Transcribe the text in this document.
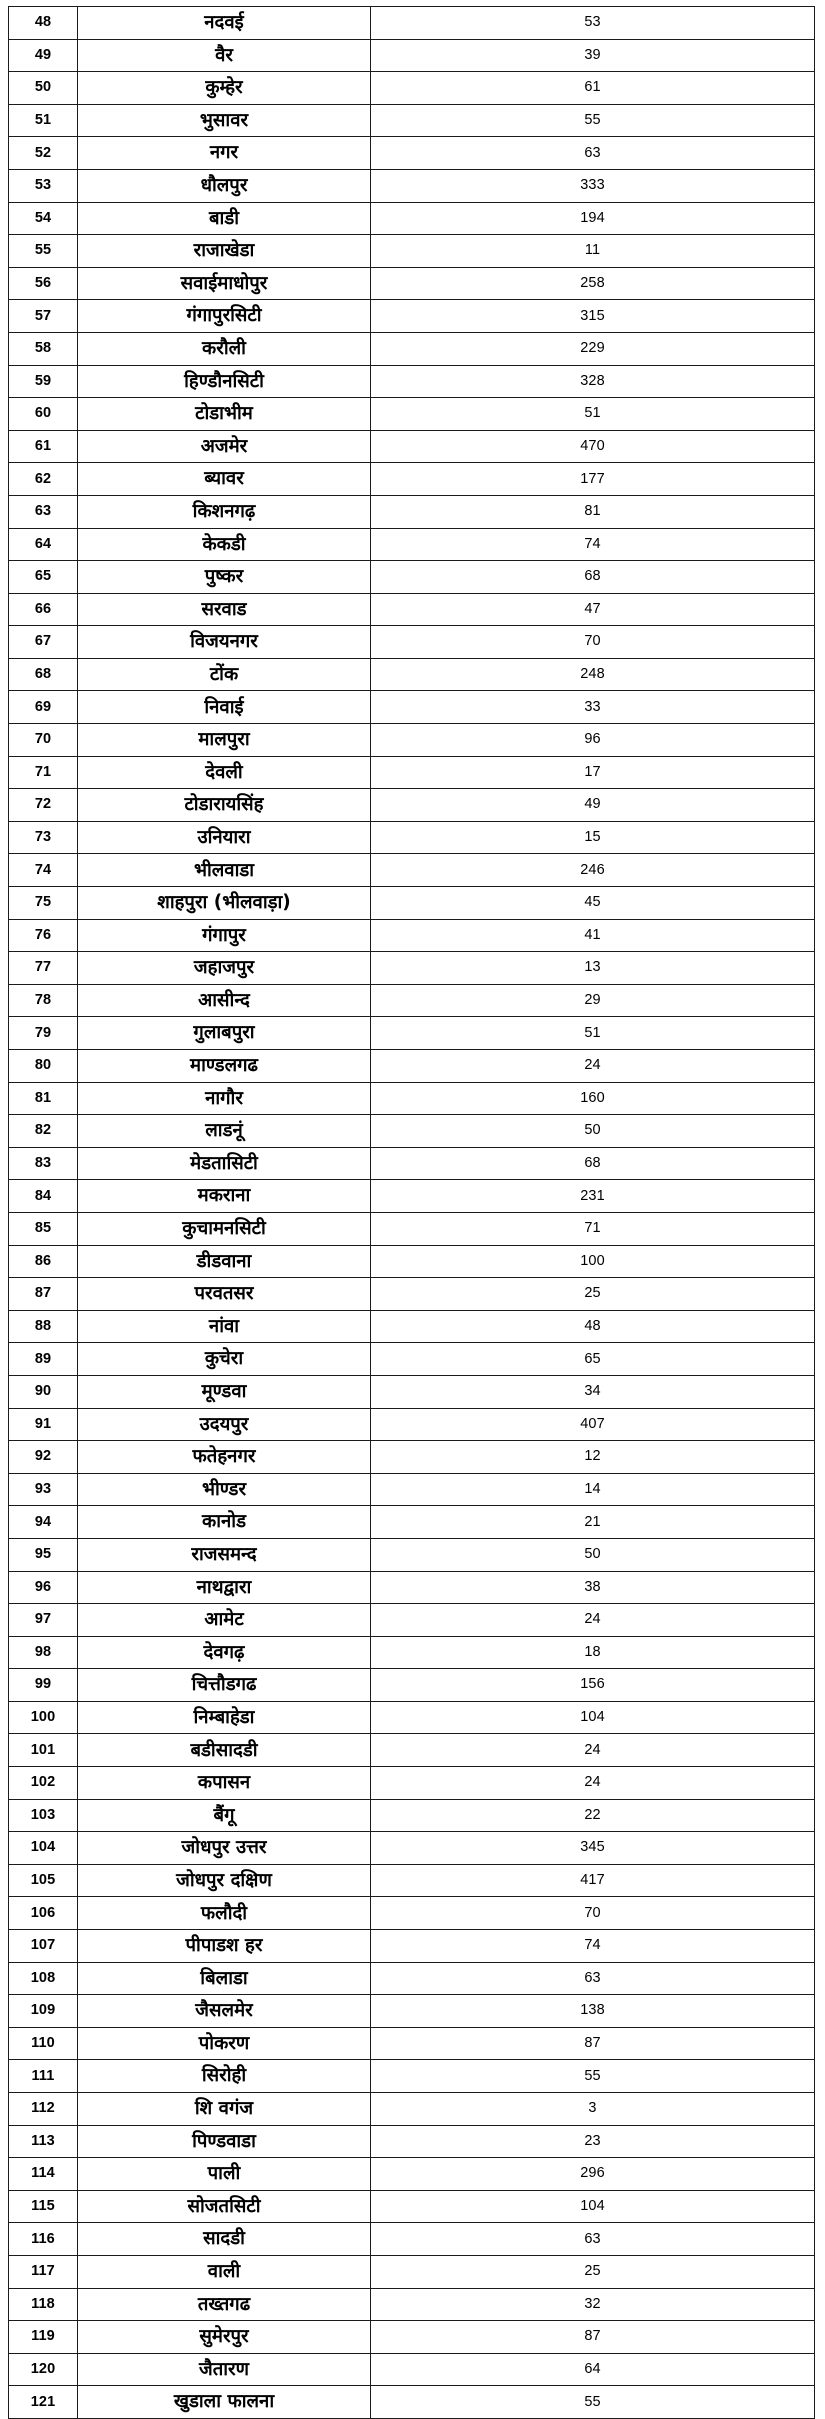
48	नदवई	53
49	वैर	39
50	कुम्हेर	61
51	भुसावर	55
52	नगर	63
53	धौलपुर	333
54	बाडी	194
55	राजाखेडा	11
56	सवाईमाधोपुर	258
57	गंगापुरसिटी	315
58	करौली	229
59	हिण्डौनसिटी	328
60	टोडाभीम	51
61	अजमेर	470
62	ब्यावर	177
63	किशनगढ़	81
64	केकडी	74
65	पुष्कर	68
66	सरवाड	47
67	विजयनगर	70
68	टोंक	248
69	निवाई	33
70	मालपुरा	96
71	देवली	17
72	टोडारायसिंह	49
73	उनियारा	15
74	भीलवाडा	246
75	शाहपुरा (भीलवाड़ा)	45
76	गंगापुर	41
77	जहाजपुर	13
78	आसीन्द	29
79	गुलाबपुरा	51
80	माण्डलगढ	24
81	नागौर	160
82	लाडनूं	50
83	मेडतासिटी	68
84	मकराना	231
85	कुचामनसिटी	71
86	डीडवाना	100
87	परवतसर	25
88	नांवा	48
89	कुचेरा	65
90	मूण्डवा	34
91	उदयपुर	407
92	फतेहनगर	12
93	भीण्डर	14
94	कानोड	21
95	राजसमन्द	50
96	नाथद्वारा	38
97	आमेट	24
98	देवगढ़	18
99	चित्तौडगढ	156
100	निम्बाहेडा	104
101	बडीसादडी	24
102	कपासन	24
103	बैंगू	22
104	जोधपुर उत्तर	345
105	जोधपुर दक्षिण	417
106	फलौदी	70
107	पीपाडश हर	74
108	बिलाडा	63
109	जैसलमेर	138
110	पोकरण	87
111	सिरोही	55
112	शि वगंज	3
113	पिण्डवाडा	23
114	पाली	296
115	सोजतसिटी	104
116	सादडी	63
117	वाली	25
118	तख्तगढ	32
119	सुमेरपुर	87
120	जैतारण	64
121	खुडाला फालना	55
